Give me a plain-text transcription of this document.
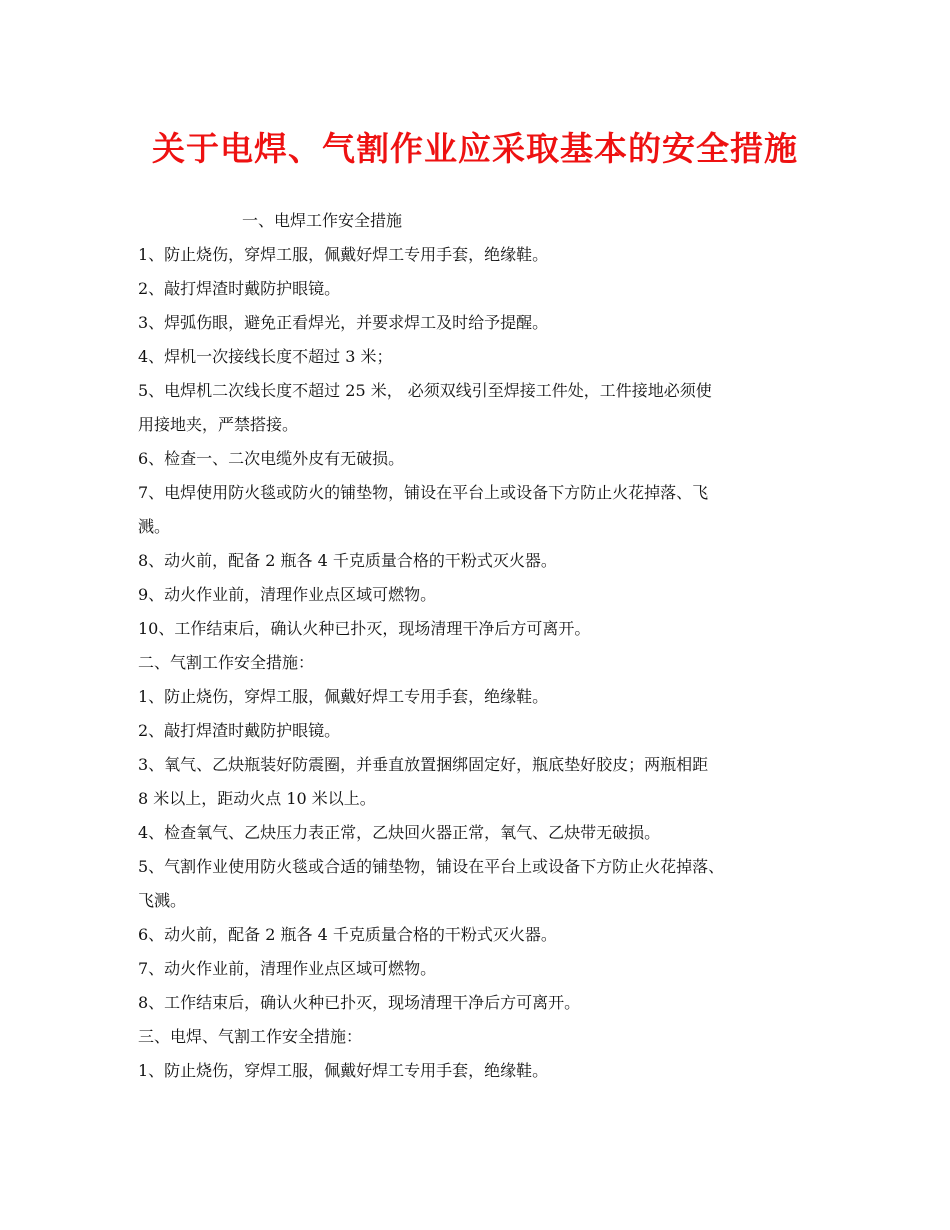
关于电焊、气割作业应采取基本的安全措施

一、电焊工作安全措施

1、防止烧伤，穿焊工服，佩戴好焊工专用手套，绝缘鞋。

2、敲打焊渣时戴防护眼镜。

3、焊弧伤眼，避免正看焊光，并要求焊工及时给予提醒。

4、焊机一次接线长度不超过 3 米；

5、电焊机二次线长度不超过 25 米， 必须双线引至焊接工件处，工件接地必须使

用接地夹，严禁搭接。

6、检查一、二次电缆外皮有无破损。

7、电焊使用防火毯或防火的铺垫物，铺设在平台上或设备下方防止火花掉落、飞

溅。

8、动火前，配备 2 瓶各 4 千克质量合格的干粉式灭火器。

9、动火作业前，清理作业点区域可燃物。

10、工作结束后，确认火种已扑灭，现场清理干净后方可离开。

二、气割工作安全措施：

1、防止烧伤，穿焊工服，佩戴好焊工专用手套，绝缘鞋。

2、敲打焊渣时戴防护眼镜。

3、氧气、乙炔瓶装好防震圈，并垂直放置捆绑固定好，瓶底垫好胶皮；两瓶相距

8 米以上，距动火点 10 米以上。

4、检查氧气、乙炔压力表正常，乙炔回火器正常，氧气、乙炔带无破损。

5、气割作业使用防火毯或合适的铺垫物，铺设在平台上或设备下方防止火花掉落、

飞溅。

6、动火前，配备 2 瓶各 4 千克质量合格的干粉式灭火器。

7、动火作业前，清理作业点区域可燃物。

8、工作结束后，确认火种已扑灭，现场清理干净后方可离开。

三、电焊、气割工作安全措施：

1、防止烧伤，穿焊工服，佩戴好焊工专用手套，绝缘鞋。
